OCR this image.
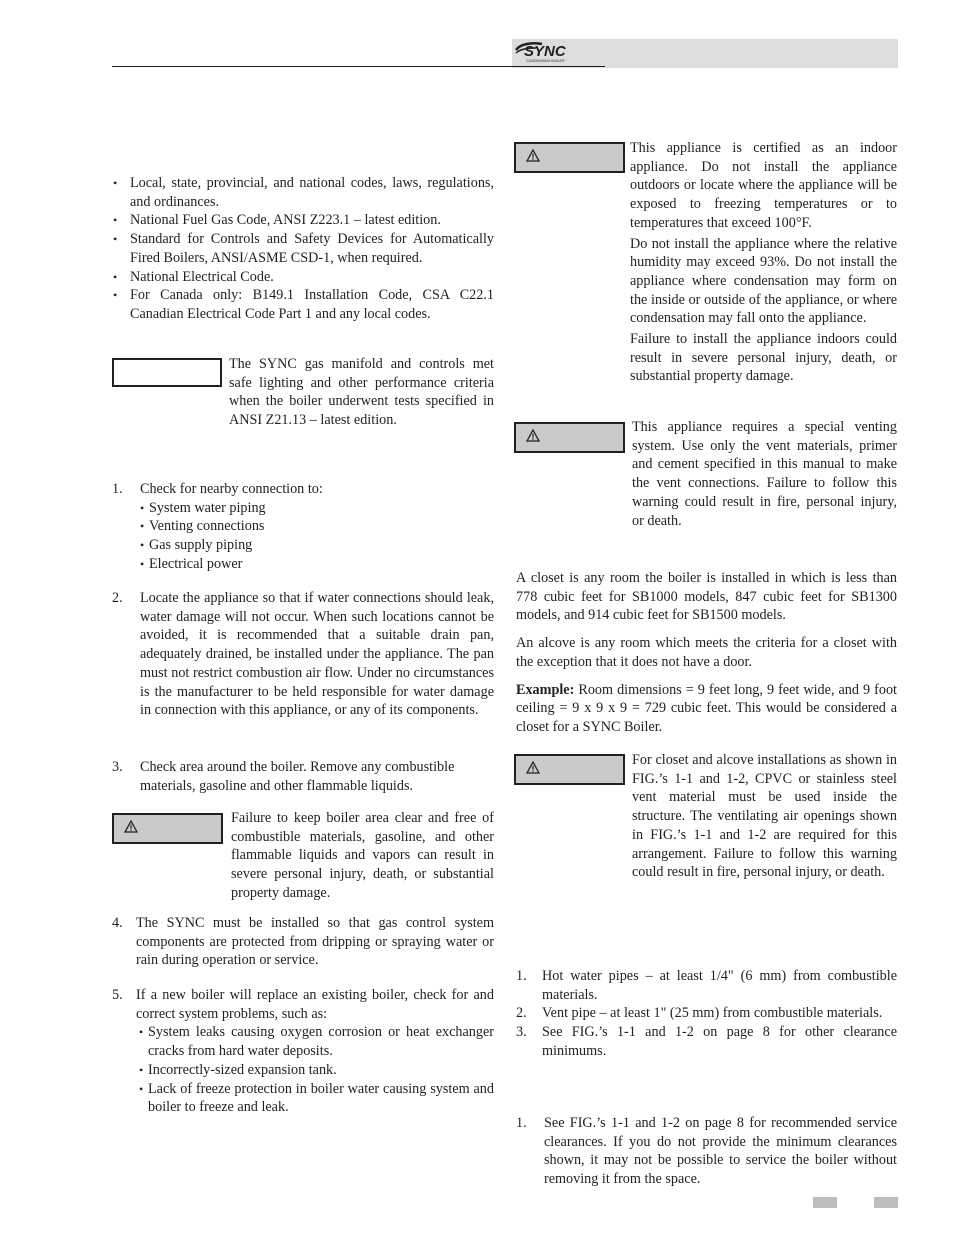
SYNC
CONDENSING BOILER
• Local, state, provincial, and national codes, laws, regulations, and ordinances.
• National Fuel Gas Code, ANSI Z223.1 – latest edition.
• Standard for Controls and Safety Devices for Automatically Fired Boilers, ANSI/ASME CSD-1, when required.
• National Electrical Code.
• For Canada only: B149.1 Installation Code, CSA C22.1 Canadian Electrical Code Part 1 and any local codes.

The SYNC gas manifold and controls met safe lighting and other performance criteria when the boiler underwent tests specified in ANSI Z21.13 – latest edition.

1. Check for nearby connection to:

• System water piping
• Venting connections
• Gas supply piping
• Electrical power
2.	Locate the appliance so that if water connections should leak, water damage will not occur. When such locations cannot be avoided, it is recommended that a suitable drain pan, adequately drained, be installed under the appliance. The pan must not restrict combustion air flow. Under no circumstances is the manufacturer to be held responsible for water damage in connection with this appliance, or any of its components.

3.	Check area around the boiler. Remove any combustible materials, gasoline and other flammable liquids.

Failure to keep boiler area clear and free of combustible materials, gasoline, and other flammable liquids and vapors can result in severe personal injury, death, or substantial property damage.

4. The SYNC must be installed so that gas control system components are protected from dripping or spraying water or rain during operation or service.

5. If a new boiler will replace an existing boiler, check for and correct system problems, such as:

• System leaks causing oxygen corrosion or heat exchanger cracks from hard water deposits.
• Incorrectly-sized expansion tank.
• Lack of freeze protection in boiler water causing system and boiler to freeze and leak.

This appliance is certified as an indoor appliance. Do not install the appliance outdoors or locate where the appliance will be exposed to freezing temperatures or to temperatures that exceed 100°F.

Do not install the appliance where the relative humidity may exceed 93%. Do not install the appliance where condensation may form on the inside or outside of the appliance, or where condensation may fall onto the appliance.

Failure to install the appliance indoors could result in severe personal injury, death, or substantial property damage.

This appliance requires a special venting system. Use only the vent materials, primer and cement specified in this manual to make the vent connections. Failure to follow this warning could result in fire, personal injury, or death.

A closet is any room the boiler is installed in which is less than 778 cubic feet for SB1000 models, 847 cubic feet for SB1300 models, and 914 cubic feet for SB1500 models.

An alcove is any room which meets the criteria for a closet with the exception that it does not have a door.

Example: Room dimensions = 9 feet long, 9 feet wide, and 9 foot ceiling = 9 x 9 x 9 = 729 cubic feet. This would be considered a closet for a SYNC Boiler.

For closet and alcove installations as shown in FIG.’s 1-1 and 1-2, CPVC or stainless steel vent material must be used inside the structure. The ventilating air openings shown in FIG.’s 1-1 and 1-2 are required for this arrangement. Failure to follow this warning could result in fire, personal injury, or death.

1.	Hot water pipes – at least 1/4" (6 mm) from combustible materials.

2.	Vent pipe – at least 1" (25 mm) from combustible materials.

3.	See FIG.’s 1-1 and 1-2 on page 8 for other clearance minimums.

1.	See FIG.’s 1-1 and 1-2 on page 8 for recommended service clearances. If you do not provide the minimum clearances shown, it may not be possible to service the boiler without removing it from the space.
